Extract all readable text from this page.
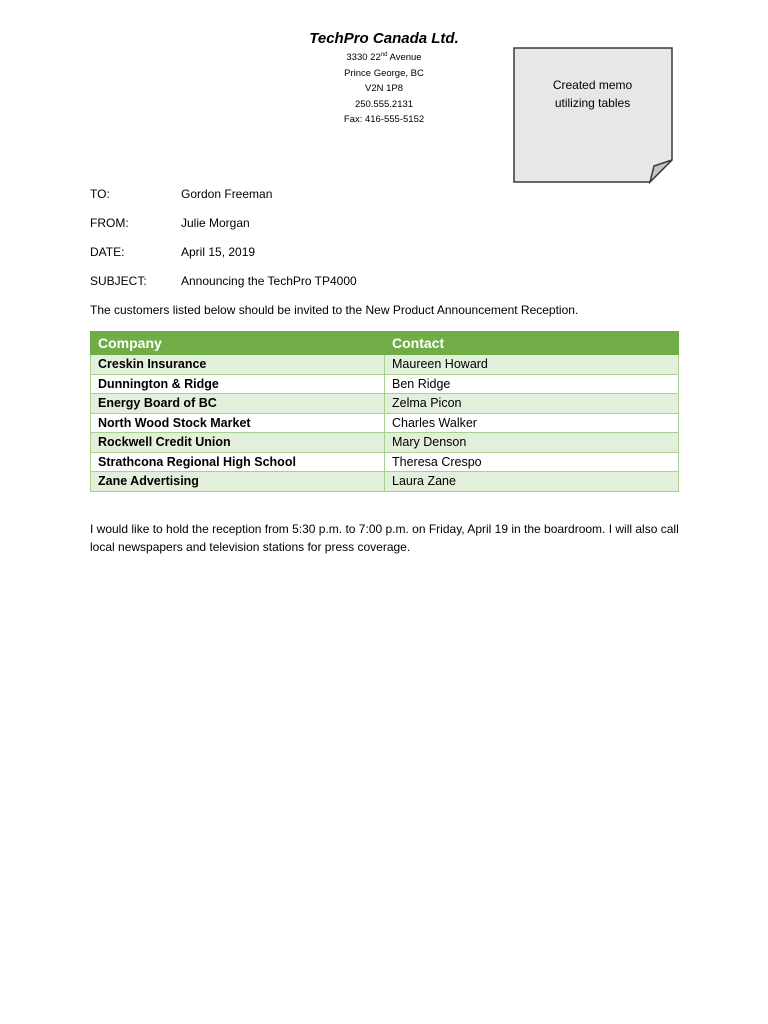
TechPro Canada Ltd.
3330 22nd Avenue
Prince George, BC
V2N 1P8
250.555.2131
Fax: 416-555-5152
Created memo
utilizing tables
TO:	Gordon Freeman
FROM:	Julie Morgan
DATE:	April 15, 2019
SUBJECT:	Announcing the TechPro TP4000
The customers listed below should be invited to the New Product Announcement Reception.
Company	Contact
Creskin Insurance	Maureen Howard
Dunnington & Ridge	Ben Ridge
Energy Board of BC	Zelma Picon
North Wood Stock Market	Charles Walker
Rockwell Credit Union	Mary Denson
Strathcona Regional High School	Theresa Crespo
Zane Advertising	Laura Zane
I would like to hold the reception from 5:30 p.m. to 7:00 p.m. on Friday, April 19 in the boardroom. I will also call local newspapers and television stations for press coverage.
